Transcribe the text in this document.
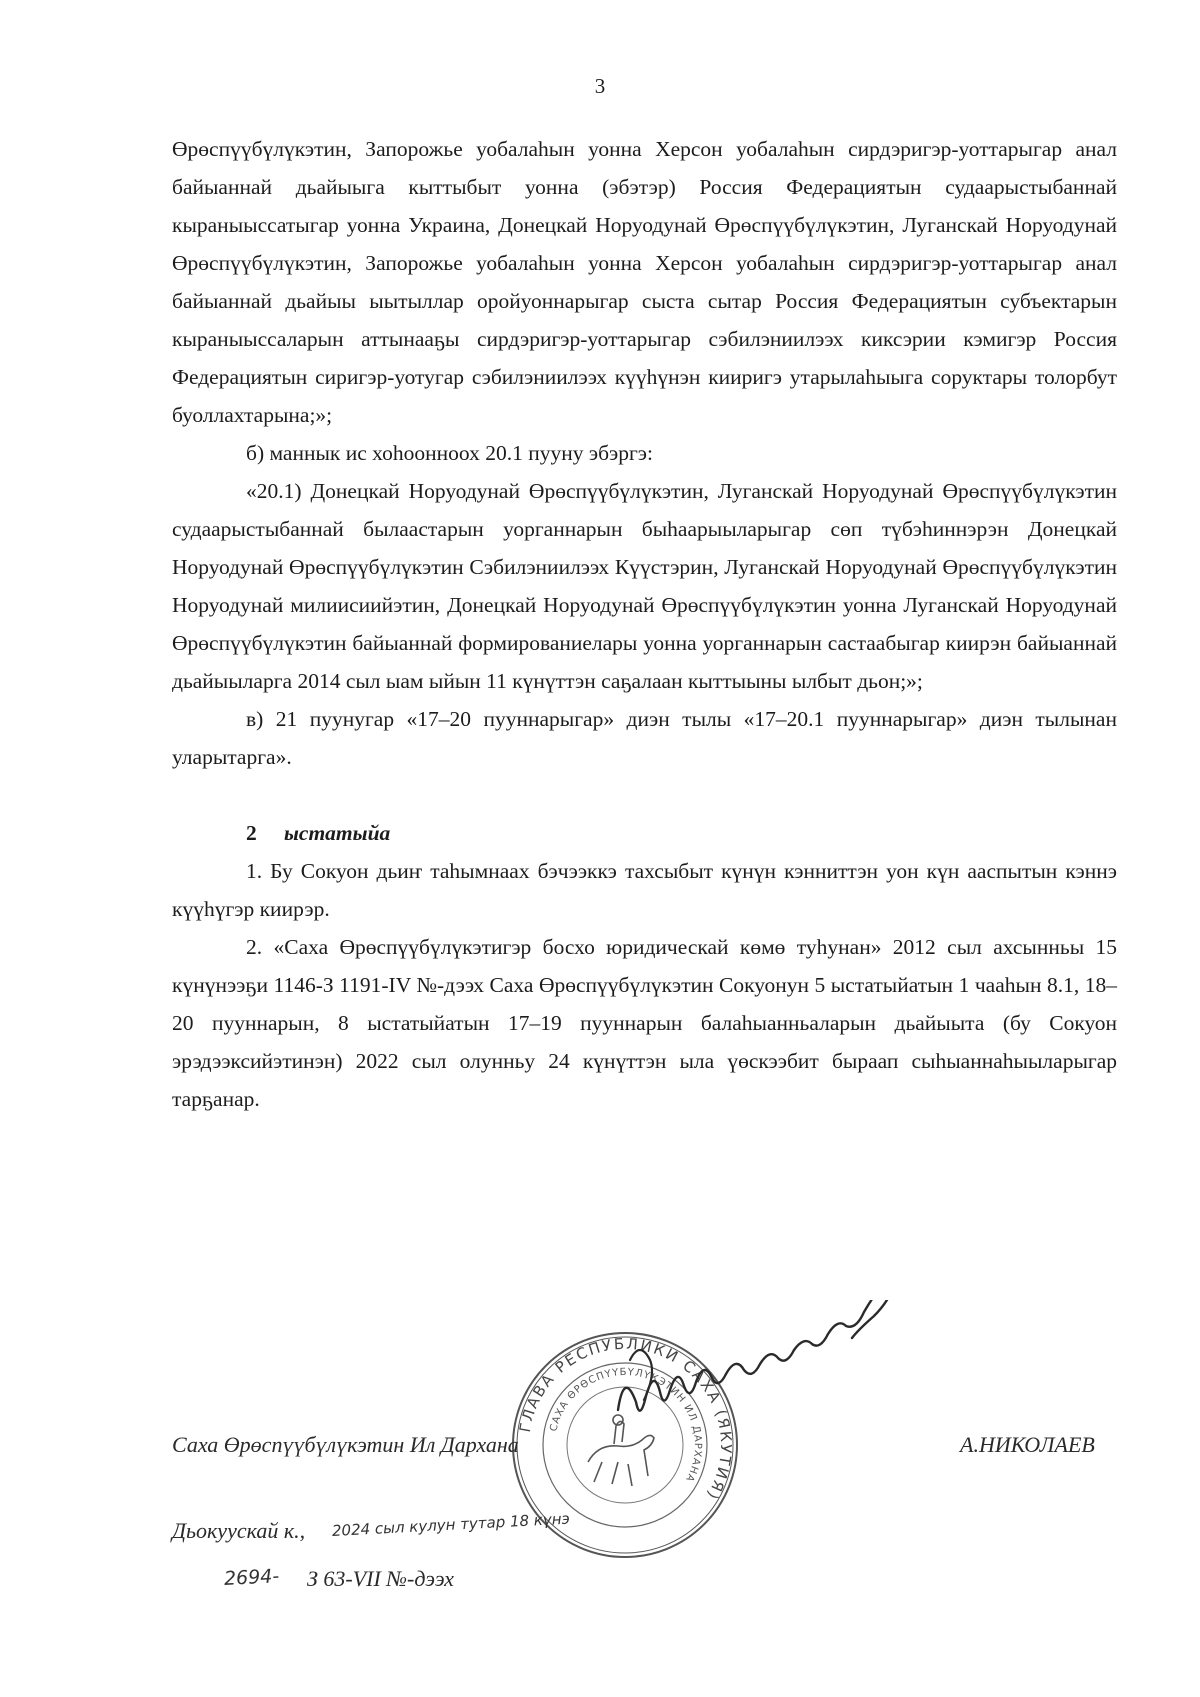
3

Өрөспүүбүлүкэтин, Запорожье уобалаһын уонна Херсон уобалаһын сирдэригэр-уоттарыгар анал байыаннай дьайыыга кыттыбыт уонна (эбэтэр) Россия Федерациятын судаарыстыбаннай кыраныыссатыгар уонна Украина, Донецкай Норуодунай Өрөспүүбүлүкэтин, Луганскай Норуодунай Өрөспүүбүлүкэтин, Запорожье уобалаһын уонна Херсон уобалаһын сирдэригэр-уоттарыгар анал байыаннай дьайыы ыытыллар оройуоннарыгар сыста сытар Россия Федерациятын субъектарын кыраныыссаларын аттынааҕы сирдэригэр-уоттарыгар сэбилэниилээх киксэрии кэмигэр Россия Федерациятын сиригэр-уотугар сэбилэниилээх күүһүнэн кииригэ утарылаһыыга соруктары толорбут буоллахтарына;»;

б) маннык ис хоһоонноох 20.1 пууну эбэргэ:

«20.1) Донецкай Норуодунай Өрөспүүбүлүкэтин, Луганскай Норуодунай Өрөспүүбүлүкэтин судаарыстыбаннай былаастарын уорганнарын быһаарыыларыгар сөп түбэһиннэрэн Донецкай Норуодунай Өрөспүүбүлүкэтин Сэбилэниилээх Күүстэрин, Луганскай Норуодунай Өрөспүүбүлүкэтин Норуодунай милиисиийэтин, Донецкай Норуодунай Өрөспүүбүлүкэтин уонна Луганскай Норуодунай Өрөспүүбүлүкэтин байыаннай формированиелары уонна уорганнарын састаабыгар киирэн байыаннай дьайыыларга 2014 сыл ыам ыйын 11 күнүттэн саҕалаан кыттыыны ылбыт дьон;»;

в) 21 пуунугар «17–20 пууннарыгар» диэн тылы «17–20.1 пууннарыгар» диэн тылынан уларытарга».

2 ыстатыйа

1. Бу Сокуон дьиҥ таһымнаах бэчээккэ тахсыбыт күнүн кэнниттэн уон күн ааспытын кэннэ күүһүгэр киирэр.

2. «Саха Өрөспүүбүлүкэтигэр босхо юридическай көмө туһунан» 2012 сыл ахсынньы 15 күнүнээҕи 1146-З 1191-IV №-дээх Саха Өрөспүүбүлүкэтин Сокуонун 5 ыстатыйатын 1 чааһын 8.1, 18–20 пууннарын, 8 ыстатыйатын 17–19 пууннарын балаһыанньаларын дьайыыта (бу Сокуон эрэдээксийэтинэн) 2022 сыл олунньу 24 күнүттэн ыла үөскээбит быраап сыһыаннаһыыларыгар тарҕанар.

ГЛАВА РЕСПУБЛИКИ САХА (ЯКУТИЯ)
САХА ӨРӨСПҮҮБҮЛҮКЭТИН ИЛ ДАРХАНА
Саха Өрөспүүбүлүкэтин Ил Дархана	А.НИКОЛАЕВ
Дьокуускай к., 2024 сыл кулун тутар 18 күнэ
2694- З 63-VII №-дээх
